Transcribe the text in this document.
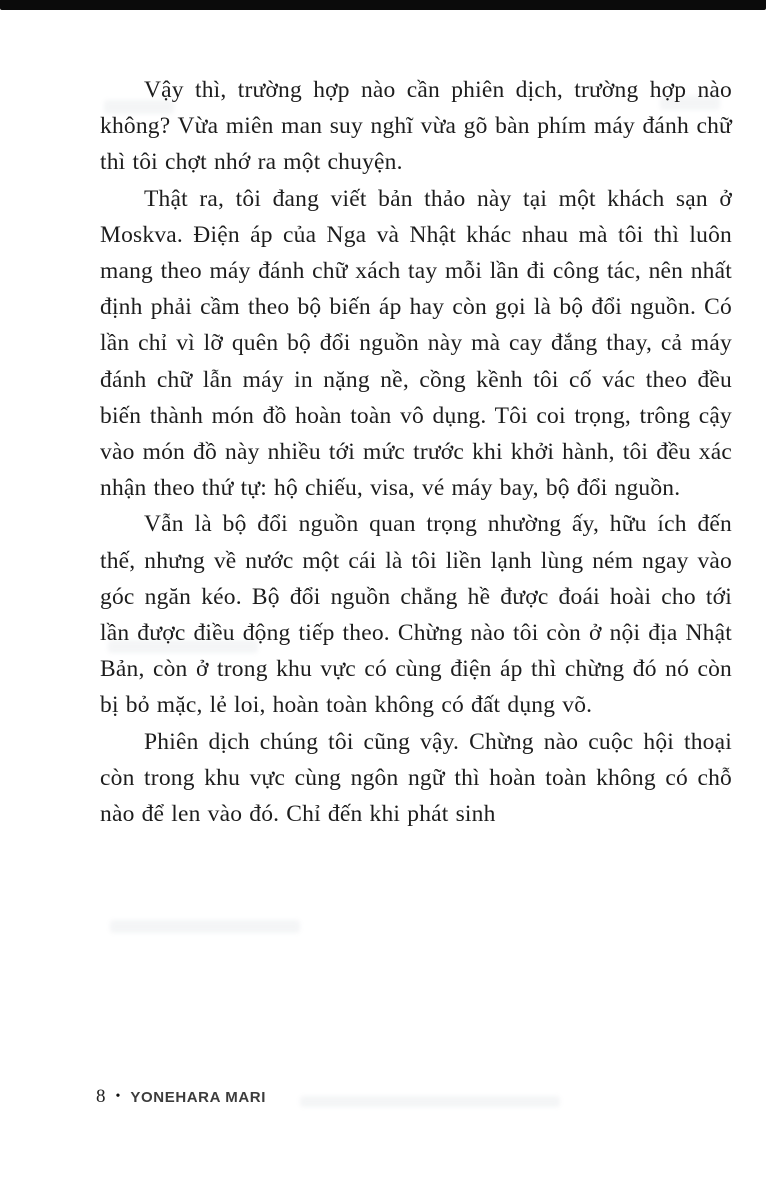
Vậy thì, trường hợp nào cần phiên dịch, trường hợp nào không? Vừa miên man suy nghĩ vừa gõ bàn phím máy đánh chữ thì tôi chợt nhớ ra một chuyện.

Thật ra, tôi đang viết bản thảo này tại một khách sạn ở Moskva. Điện áp của Nga và Nhật khác nhau mà tôi thì luôn mang theo máy đánh chữ xách tay mỗi lần đi công tác, nên nhất định phải cầm theo bộ biến áp hay còn gọi là bộ đổi nguồn. Có lần chỉ vì lỡ quên bộ đổi nguồn này mà cay đắng thay, cả máy đánh chữ lẫn máy in nặng nề, cồng kềnh tôi cố vác theo đều biến thành món đồ hoàn toàn vô dụng. Tôi coi trọng, trông cậy vào món đồ này nhiều tới mức trước khi khởi hành, tôi đều xác nhận theo thứ tự: hộ chiếu, visa, vé máy bay, bộ đổi nguồn.

Vẫn là bộ đổi nguồn quan trọng nhường ấy, hữu ích đến thế, nhưng về nước một cái là tôi liền lạnh lùng ném ngay vào góc ngăn kéo. Bộ đổi nguồn chẳng hề được đoái hoài cho tới lần được điều động tiếp theo. Chừng nào tôi còn ở nội địa Nhật Bản, còn ở trong khu vực có cùng điện áp thì chừng đó nó còn bị bỏ mặc, lẻ loi, hoàn toàn không có đất dụng võ.

Phiên dịch chúng tôi cũng vậy. Chừng nào cuộc hội thoại còn trong khu vực cùng ngôn ngữ thì hoàn toàn không có chỗ nào để len vào đó. Chỉ đến khi phát sinh

8 • YONEHARA MARI
